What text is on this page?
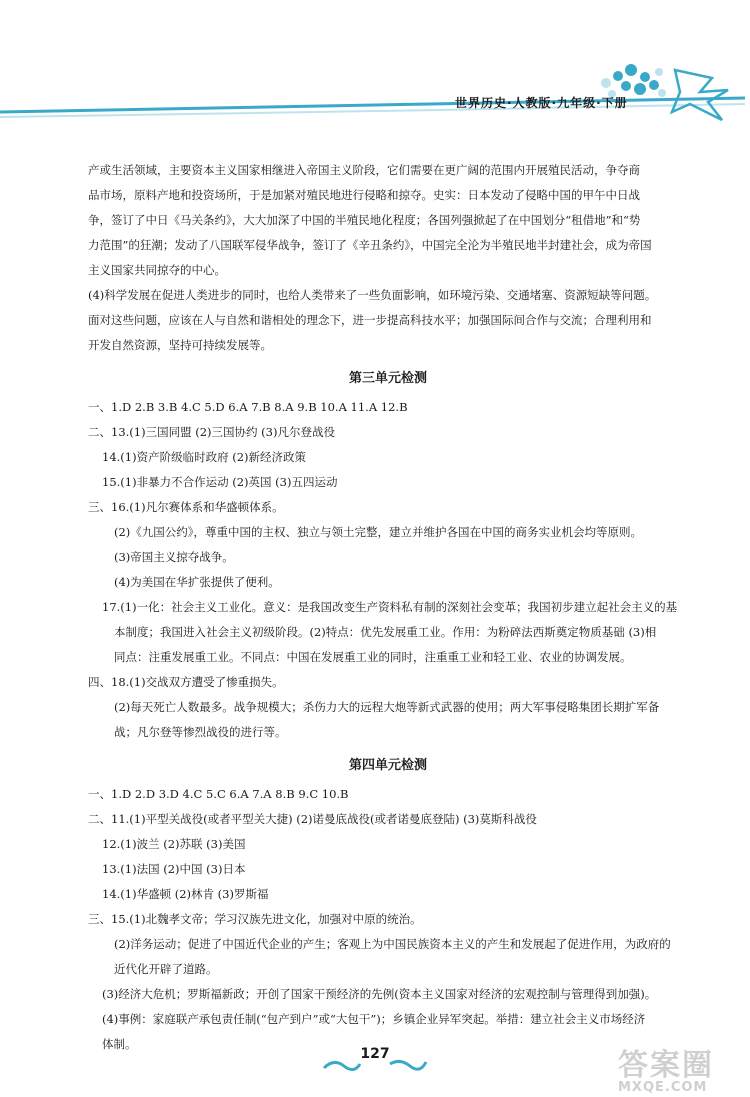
世界历史·人教版·九年级·下册
产或生活领域，主要资本主义国家相继进入帝国主义阶段，它们需要在更广阔的范围内开展殖民活动，争夺商
品市场，原料产地和投资场所，于是加紧对殖民地进行侵略和掠夺。史实：日本发动了侵略中国的甲午中日战
争，签订了中日《马关条约》，大大加深了中国的半殖民地化程度；各国列强掀起了在中国划分“租借地”和“势
力范围”的狂潮；发动了八国联军侵华战争，签订了《辛丑条约》，中国完全沦为半殖民地半封建社会，成为帝国
主义国家共同掠夺的中心。
(4)科学发展在促进人类进步的同时，也给人类带来了一些负面影响，如环境污染、交通堵塞、资源短缺等问题。
面对这些问题，应该在人与自然和谐相处的理念下，进一步提高科技水平；加强国际间合作与交流；合理利用和
开发自然资源，坚持可持续发展等。
第三单元检测
一、1.D 2.B 3.B 4.C 5.D 6.A 7.B 8.A 9.B 10.A 11.A 12.B
二、13.(1)三国同盟 (2)三国协约 (3)凡尔登战役
14.(1)资产阶级临时政府 (2)新经济政策
15.(1)非暴力不合作运动 (2)英国 (3)五四运动
三、16.(1)凡尔赛体系和华盛顿体系。
(2)《九国公约》，尊重中国的主权、独立与领土完整，建立并维护各国在中国的商务实业机会均等原则。
(3)帝国主义掠夺战争。
(4)为美国在华扩张提供了便利。
17.(1)一化：社会主义工业化。意义：是我国改变生产资料私有制的深刻社会变革；我国初步建立起社会主义的基
本制度；我国进入社会主义初级阶段。(2)特点：优先发展重工业。作用：为粉碎法西斯奠定物质基础 (3)相
同点：注重发展重工业。不同点：中国在发展重工业的同时，注重重工业和轻工业、农业的协调发展。
四、18.(1)交战双方遭受了惨重损失。
(2)每天死亡人数最多。战争规模大；杀伤力大的远程大炮等新式武器的使用；两大军事侵略集团长期扩军备
战；凡尔登等惨烈战役的进行等。
第四单元检测
一、1.D 2.D 3.D 4.C 5.C 6.A 7.A 8.B 9.C 10.B
二、11.(1)平型关战役(或者平型关大捷) (2)诺曼底战役(或者诺曼底登陆) (3)莫斯科战役
12.(1)波兰 (2)苏联 (3)美国
13.(1)法国 (2)中国 (3)日本
14.(1)华盛顿 (2)林肯 (3)罗斯福
三、15.(1)北魏孝文帝；学习汉族先进文化，加强对中原的统治。
(2)洋务运动；促进了中国近代企业的产生；客观上为中国民族资本主义的产生和发展起了促进作用，为政府的
近代化开辟了道路。
(3)经济大危机；罗斯福新政；开创了国家干预经济的先例(资本主义国家对经济的宏观控制与管理得到加强)。
(4)事例：家庭联产承包责任制(“包产到户”或“大包干”)；乡镇企业异军突起。举措：建立社会主义市场经济
体制。
127	答案圈
MXQE.COM
